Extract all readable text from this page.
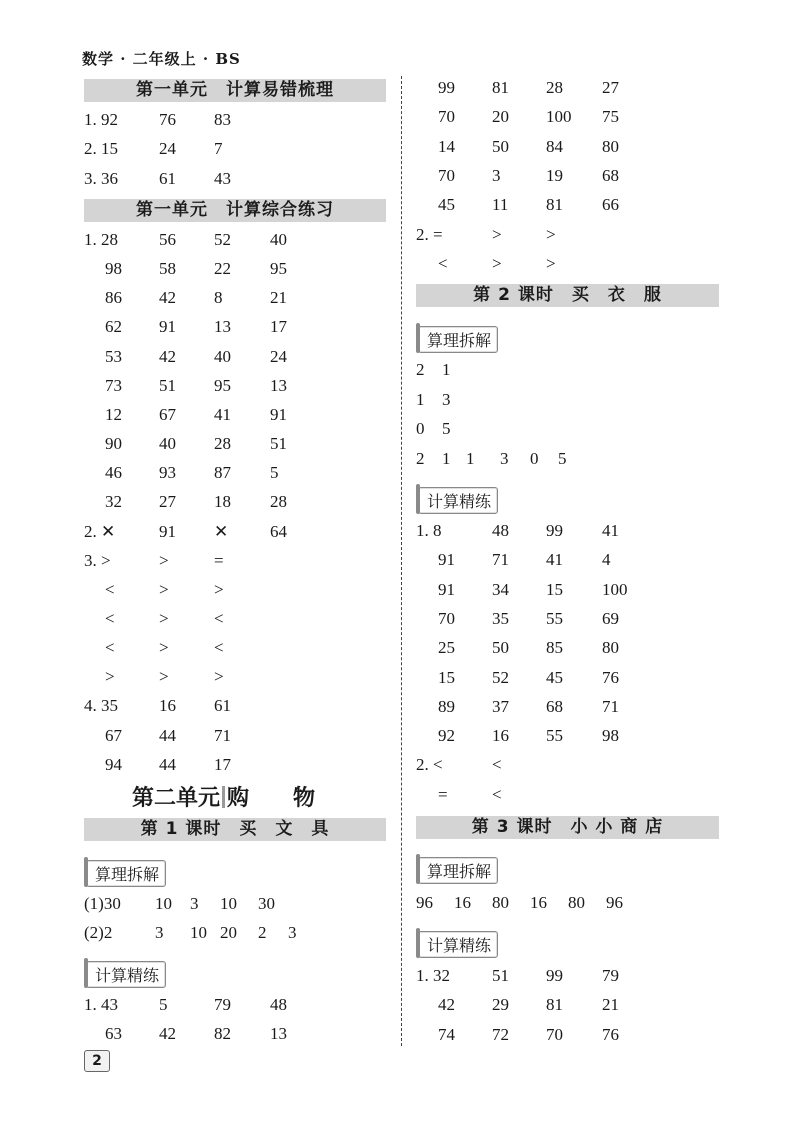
数学 · 二年级上 · BS
第一单元　计算易错梳理
1. 92 76 83
2. 15 24 7
3. 36 61 43
第一单元　计算综合练习
1. 28 56 52 40
98 58 22 95
86 42 8	21
62 91 13 17
53 42 40 24
73 51 95 13
12 67 41 91
90 40 28 51
46 93 87 5
32 27 18 28
2. ✕	91 ✕ 64
3. >	>	=
<	>	>
<	>	<
<	>	<
>	>	>
4. 35 16 61
67 44 71
94 44 17
第二单元 购　　物
第 1 课时　买　文　具
算理拆解
(1)30 10 3 10 30
(2)2	3 10 20 2 3
计算精练
1. 43 5	79 48
63 42 82 13
99 81 28 27
70 20 100 75
14 50 84 80
70 3	19 68
45 11 81 66
2. =	>	>
<	>	>
第 2 课时　买　衣　服
算理拆解
2 1
1 3
0 5
2 1 1 3 0 5
计算精练
1. 8	48 99 41
91 71 41 4
91 34 15 100
70 35 55 69
25 50 85 80
15 52 45 76
89 37 68 71
92 16 55 98
2. <	<
=	<
第 3 课时　小 小 商 店
算理拆解
96 16 80 16 80 96
计算精练
1. 32 51 99 79
42 29 81 21
74 72 70 76
2
